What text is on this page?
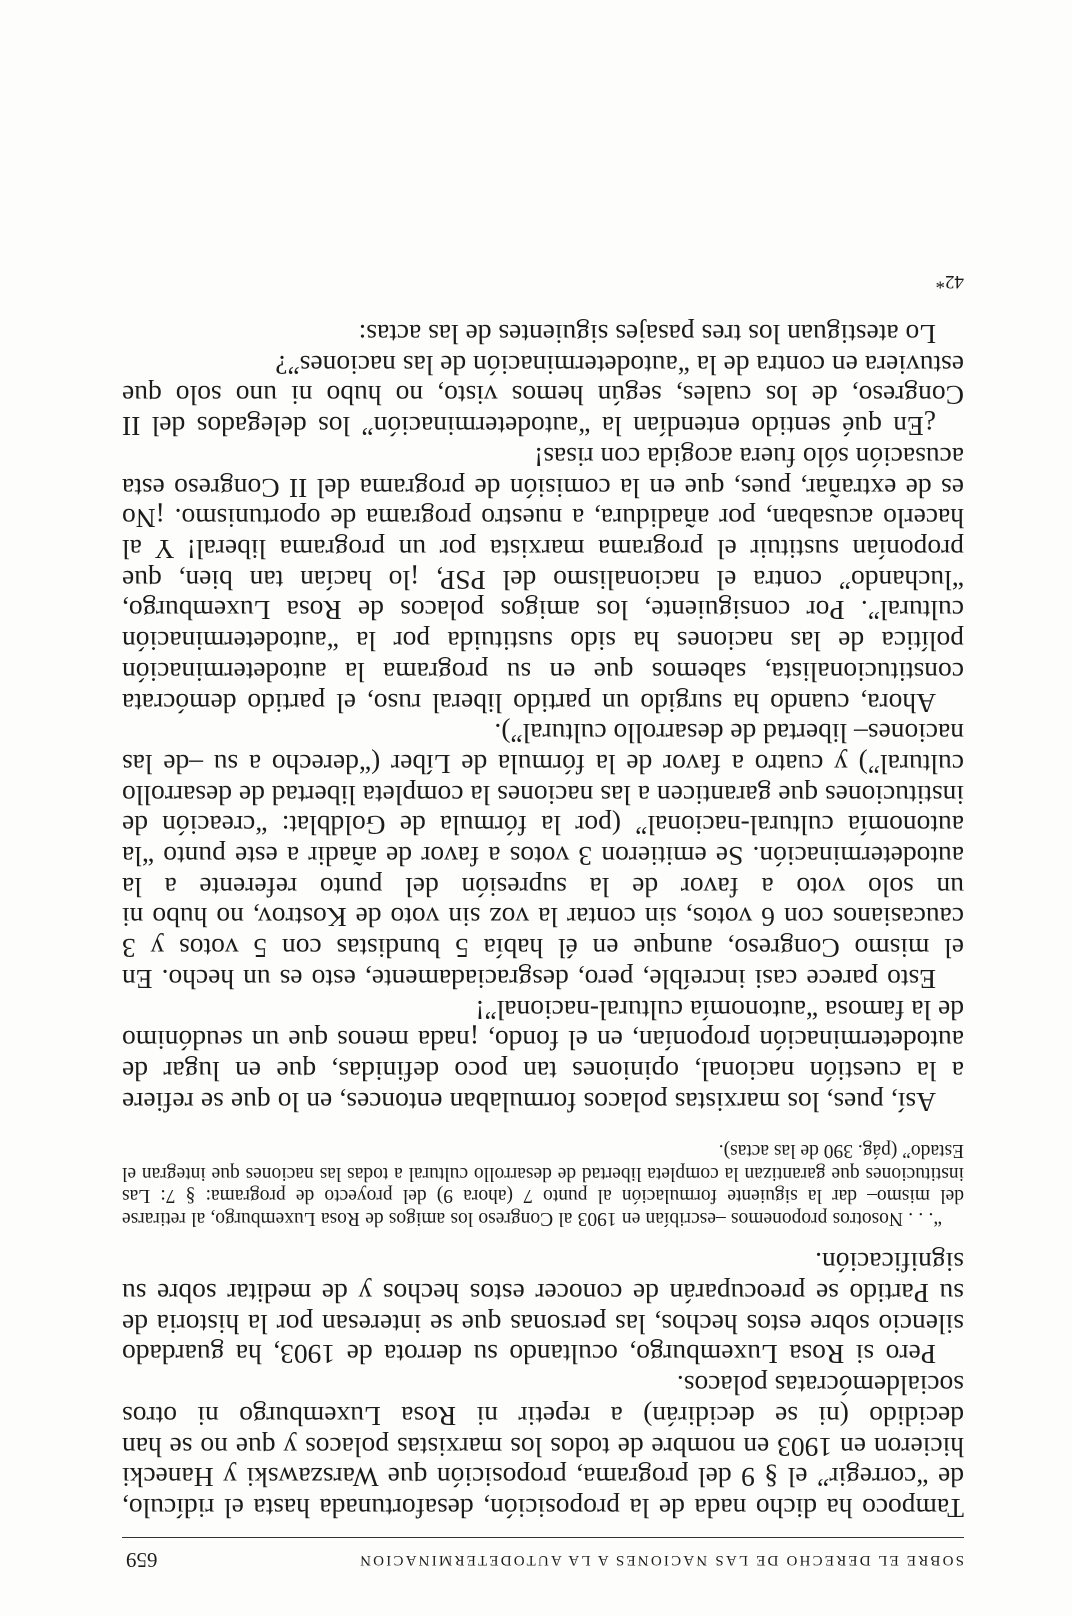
SOBRE EL DERECHO DE LAS NACIONES A LA AUTODETERMINACION
659

Tampoco ha dicho nada de la proposición, desafortunada hasta el ridículo, de “corregir” el § 9 del programa, proposición que Warszawski y Hanecki hicieron en 1903 en nombre de todos los marxistas polacos y que no se han decidido (ni se decidirán) a repetir ni Rosa Luxemburgo ni otros socialdemócratas polacos.

Pero si Rosa Luxemburgo, ocultando su derrota de 1903, ha guardado silencio sobre estos hechos, las personas que se interesan por la historia de su Partido se preocuparán de conocer estos hechos y de meditar sobre su significación.

“. . . Nosotros proponemos –escribían en 1903 al Congreso los amigos de Rosa Luxemburgo, al retirarse del mismo– dar la siguiente formulación al punto 7 (ahora 9) del proyecto de programa: § 7: Las instituciones que garantizan la completa libertad de desarrollo cultural a todas las naciones que integran el Estado” (pág. 390 de las actas).

Así, pues, los marxistas polacos formulaban entonces, en lo que se refiere a la cuestión nacional, opiniones tan poco definidas, que en lugar de autodeterminación proponían, en el fondo, ¡nada menos que un seudónimo de la famosa “autonomía cultural-nacional”!

Esto parece casi increíble, pero, desgraciadamente, esto es un hecho. En el mismo Congreso, aunque en él había 5 bundistas con 5 votos y 3 caucasianos con 6 votos, sin contar la voz sin voto de Kostrov, no hubo ni un solo voto a favor de la supresión del punto referente a la autodeterminación. Se emitieron 3 votos a favor de añadir a este punto “la autonomía cultural-nacional” (por la fórmula de Goldblat: “creación de instituciones que garanticen a las naciones la completa libertad de desarrollo cultural”) y cuatro a favor de la fórmula de Líber (“derecho a su –de las naciones– libertad de desarrollo cultural”).

Ahora, cuando ha surgido un partido liberal ruso, el partido demócrata constitucionalista, sabemos que en su programa la autodeterminación política de las naciones ha sido sustituida por la “autodeterminación cultural”. Por consiguiente, los amigos polacos de Rosa Luxemburgo, “luchando” contra el nacionalismo del PSP, ¡lo hacían tan bien, que proponían sustituir el programa marxista por un programa liberal! Y al hacerlo acusaban, por añadidura, a nuestro programa de oportunismo. ¡No es de extrañar, pues, que en la comisión de programa del II Congreso esta acusación sólo fuera acogida con risas!

¿En qué sentido entendían la “autodeterminación” los delegados del II Congreso, de los cuales, según hemos visto, no hubo ni uno solo que estuviera en contra de la “autodeterminación de las naciones”?

Lo atestiguan los tres pasajes siguientes de las actas:

42*
